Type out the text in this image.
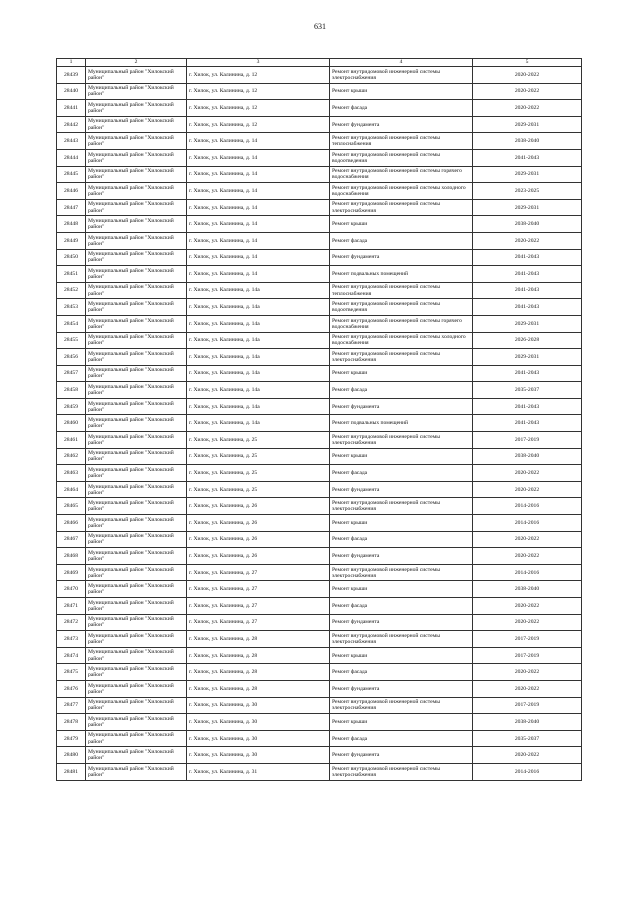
631
1	2	3	4	5
28439	Муниципальный район "Хилокский район"	г. Хилок, ул. Калинина, д. 12	Ремонт внутридомовой инженерной системы электроснабжения	2020-2022
28440	Муниципальный район "Хилокский район"	г. Хилок, ул. Калинина, д. 12	Ремонт крыши	2020-2022
28441	Муниципальный район "Хилокский район"	г. Хилок, ул. Калинина, д. 12	Ремонт фасада	2020-2022
28442	Муниципальный район "Хилокский район"	г. Хилок, ул. Калинина, д. 12	Ремонт фундамента	2029-2031
28443	Муниципальный район "Хилокский район"	г. Хилок, ул. Калинина, д. 14	Ремонт внутридомовой инженерной системы теплоснабжения	2038-2040
28444	Муниципальный район "Хилокский район"	г. Хилок, ул. Калинина, д. 14	Ремонт внутридомовой инженерной системы водоотведения	2041-2043
28445	Муниципальный район "Хилокский район"	г. Хилок, ул. Калинина, д. 14	Ремонт внутридомовой инженерной системы горячего водоснабжения	2029-2031
28446	Муниципальный район "Хилокский район"	г. Хилок, ул. Калинина, д. 14	Ремонт внутридомовой инженерной системы холодного водоснабжения	2023-2025
28447	Муниципальный район "Хилокский район"	г. Хилок, ул. Калинина, д. 14	Ремонт внутридомовой инженерной системы электроснабжения	2029-2031
28448	Муниципальный район "Хилокский район"	г. Хилок, ул. Калинина, д. 14	Ремонт крыши	2038-2040
28449	Муниципальный район "Хилокский район"	г. Хилок, ул. Калинина, д. 14	Ремонт фасада	2020-2022
28450	Муниципальный район "Хилокский район"	г. Хилок, ул. Калинина, д. 14	Ремонт фундамента	2041-2043
28451	Муниципальный район "Хилокский район"	г. Хилок, ул. Калинина, д. 14	Ремонт подвальных помещений	2041-2043
28452	Муниципальный район "Хилокский район"	г. Хилок, ул. Калинина, д. 14а	Ремонт внутридомовой инженерной системы теплоснабжения	2041-2043
28453	Муниципальный район "Хилокский район"	г. Хилок, ул. Калинина, д. 14а	Ремонт внутридомовой инженерной системы водоотведения	2041-2043
28454	Муниципальный район "Хилокский район"	г. Хилок, ул. Калинина, д. 14а	Ремонт внутридомовой инженерной системы горячего водоснабжения	2029-2031
28455	Муниципальный район "Хилокский район"	г. Хилок, ул. Калинина, д. 14а	Ремонт внутридомовой инженерной системы холодного водоснабжения	2026-2028
28456	Муниципальный район "Хилокский район"	г. Хилок, ул. Калинина, д. 14а	Ремонт внутридомовой инженерной системы электроснабжения	2029-2031
28457	Муниципальный район "Хилокский район"	г. Хилок, ул. Калинина, д. 14а	Ремонт крыши	2041-2043
28458	Муниципальный район "Хилокский район"	г. Хилок, ул. Калинина, д. 14а	Ремонт фасада	2035-2037
28459	Муниципальный район "Хилокский район"	г. Хилок, ул. Калинина, д. 14а	Ремонт фундамента	2041-2043
28460	Муниципальный район "Хилокский район"	г. Хилок, ул. Калинина, д. 14а	Ремонт подвальных помещений	2041-2043
28461	Муниципальный район "Хилокский район"	г. Хилок, ул. Калинина, д. 25	Ремонт внутридомовой инженерной системы электроснабжения	2017-2019
28462	Муниципальный район "Хилокский район"	г. Хилок, ул. Калинина, д. 25	Ремонт крыши	2038-2040
28463	Муниципальный район "Хилокский район"	г. Хилок, ул. Калинина, д. 25	Ремонт фасада	2020-2022
28464	Муниципальный район "Хилокский район"	г. Хилок, ул. Калинина, д. 25	Ремонт фундамента	2020-2022
28465	Муниципальный район "Хилокский район"	г. Хилок, ул. Калинина, д. 26	Ремонт внутридомовой инженерной системы электроснабжения	2014-2016
28466	Муниципальный район "Хилокский район"	г. Хилок, ул. Калинина, д. 26	Ремонт крыши	2014-2016
28467	Муниципальный район "Хилокский район"	г. Хилок, ул. Калинина, д. 26	Ремонт фасада	2020-2022
28468	Муниципальный район "Хилокский район"	г. Хилок, ул. Калинина, д. 26	Ремонт фундамента	2020-2022
28469	Муниципальный район "Хилокский район"	г. Хилок, ул. Калинина, д. 27	Ремонт внутридомовой инженерной системы электроснабжения	2014-2016
28470	Муниципальный район "Хилокский район"	г. Хилок, ул. Калинина, д. 27	Ремонт крыши	2038-2040
28471	Муниципальный район "Хилокский район"	г. Хилок, ул. Калинина, д. 27	Ремонт фасада	2020-2022
28472	Муниципальный район "Хилокский район"	г. Хилок, ул. Калинина, д. 27	Ремонт фундамента	2020-2022
28473	Муниципальный район "Хилокский район"	г. Хилок, ул. Калинина, д. 28	Ремонт внутридомовой инженерной системы электроснабжения	2017-2019
28474	Муниципальный район "Хилокский район"	г. Хилок, ул. Калинина, д. 28	Ремонт крыши	2017-2019
28475	Муниципальный район "Хилокский район"	г. Хилок, ул. Калинина, д. 28	Ремонт фасада	2020-2022
28476	Муниципальный район "Хилокский район"	г. Хилок, ул. Калинина, д. 28	Ремонт фундамента	2020-2022
28477	Муниципальный район "Хилокский район"	г. Хилок, ул. Калинина, д. 30	Ремонт внутридомовой инженерной системы электроснабжения	2017-2019
28478	Муниципальный район "Хилокский район"	г. Хилок, ул. Калинина, д. 30	Ремонт крыши	2038-2040
28479	Муниципальный район "Хилокский район"	г. Хилок, ул. Калинина, д. 30	Ремонт фасада	2035-2037
28480	Муниципальный район "Хилокский район"	г. Хилок, ул. Калинина, д. 30	Ремонт фундамента	2020-2022
28481	Муниципальный район "Хилокский район"	г. Хилок, ул. Калинина, д. 31	Ремонт внутридомовой инженерной системы электроснабжения	2014-2016
